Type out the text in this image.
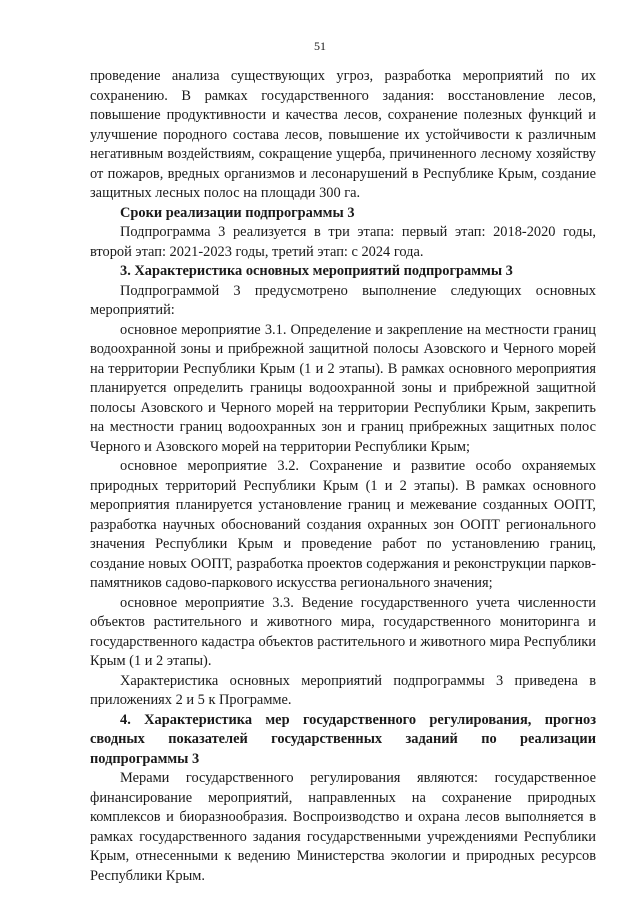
51

проведение анализа существующих угроз, разработка мероприятий по их сохранению. В рамках государственного задания: восстановление лесов, повышение продуктивности и качества лесов, сохранение полезных функций и улучшение породного состава лесов, повышение их устойчивости к различным негативным воздействиям, сокращение ущерба, причиненного лесному хозяйству от пожаров, вредных организмов и лесонарушений в Республике Крым, создание защитных лесных полос на площади 300 га.

Сроки реализации подпрограммы 3

Подпрограмма 3 реализуется в три этапа: первый этап: 2018-2020 годы, второй этап: 2021-2023 годы, третий этап: с 2024 года.

3. Характеристика основных мероприятий подпрограммы 3

Подпрограммой 3 предусмотрено выполнение следующих основных мероприятий:

основное мероприятие 3.1. Определение и закрепление на местности границ водоохранной зоны и прибрежной защитной полосы Азовского и Черного морей на территории Республики Крым (1 и 2 этапы). В рамках основного мероприятия планируется определить границы водоохранной зоны и прибрежной защитной полосы Азовского и Черного морей на территории Республики Крым, закрепить на местности границ водоохранных зон и границ прибрежных защитных полос Черного и Азовского морей на территории Республики Крым;

основное мероприятие 3.2. Сохранение и развитие особо охраняемых природных территорий Республики Крым (1 и 2 этапы). В рамках основного мероприятия планируется установление границ и межевание созданных ООПТ, разработка научных обоснований создания охранных зон ООПТ регионального значения Республики Крым и проведение работ по установлению границ, создание новых ООПТ, разработка проектов содержания и реконструкции парков-памятников садово-паркового искусства регионального значения;

основное мероприятие 3.3. Ведение государственного учета численности объектов растительного и животного мира, государственного мониторинга и государственного кадастра объектов растительного и животного мира Республики Крым (1 и 2 этапы).

Характеристика основных мероприятий подпрограммы 3 приведена в приложениях 2 и 5 к Программе.

4. Характеристика мер государственного регулирования, прогноз сводных показателей государственных заданий по реализации подпрограммы 3

Мерами государственного регулирования являются: государственное финансирование мероприятий, направленных на сохранение природных комплексов и биоразнообразия. Воспроизводство и охрана лесов выполняется в рамках государственного задания государственными учреждениями Республики Крым, отнесенными к ведению Министерства экологии и природных ресурсов Республики Крым.
